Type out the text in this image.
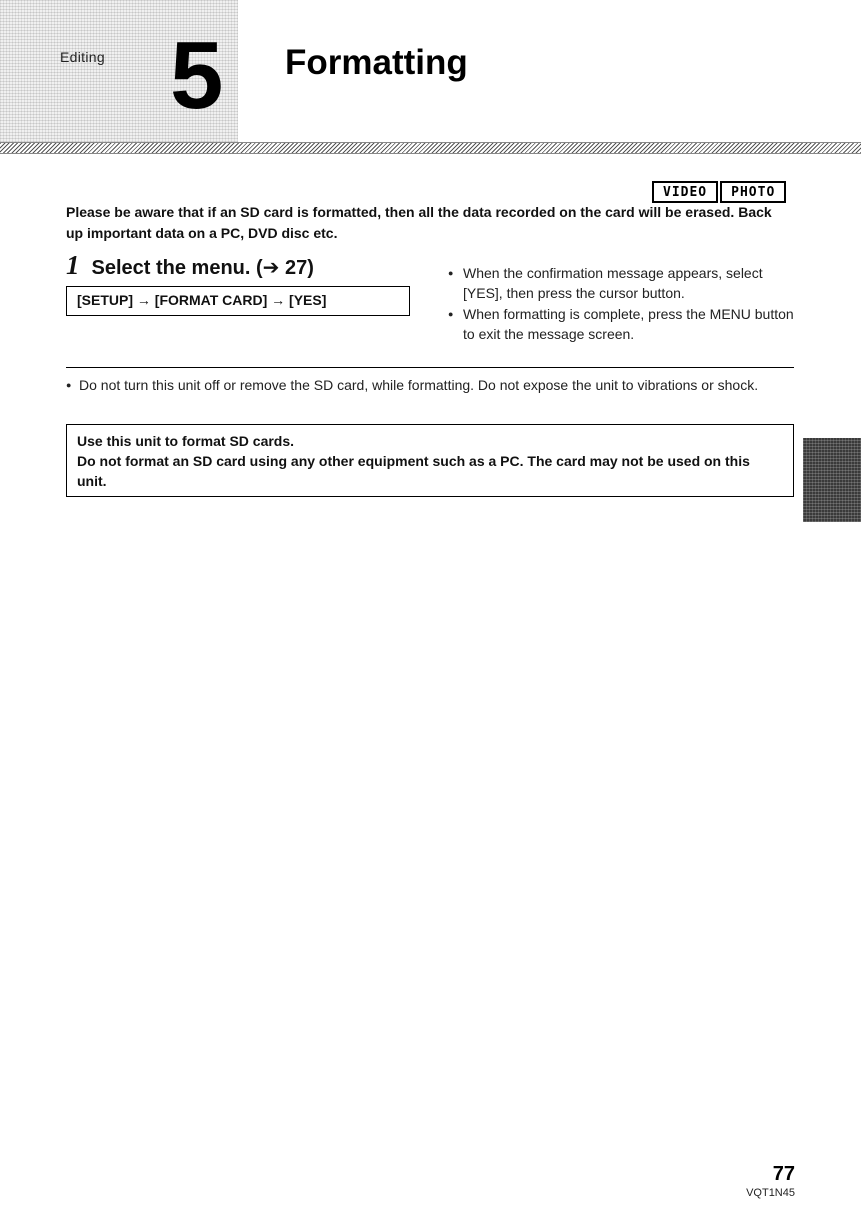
Editing 5 Formatting
VIDEO	PHOTO

Please be aware that if an SD card is formatted, then all the data recorded on the card will be erased. Back up important data on a PC, DVD disc etc.

1 Select the menu. (➔ 27)
[SETUP] → [FORMAT CARD] → [YES]
● When the confirmation message appears, select [YES], then press the cursor button.
● When formatting is complete, press the MENU button to exit the message screen.
● Do not turn this unit off or remove the SD card, while formatting. Do not expose the unit to vibrations or shock.

Use this unit to format SD cards.

Do not format an SD card using any other equipment such as a PC. The card may not be used on this unit.

77
VQT1N45
